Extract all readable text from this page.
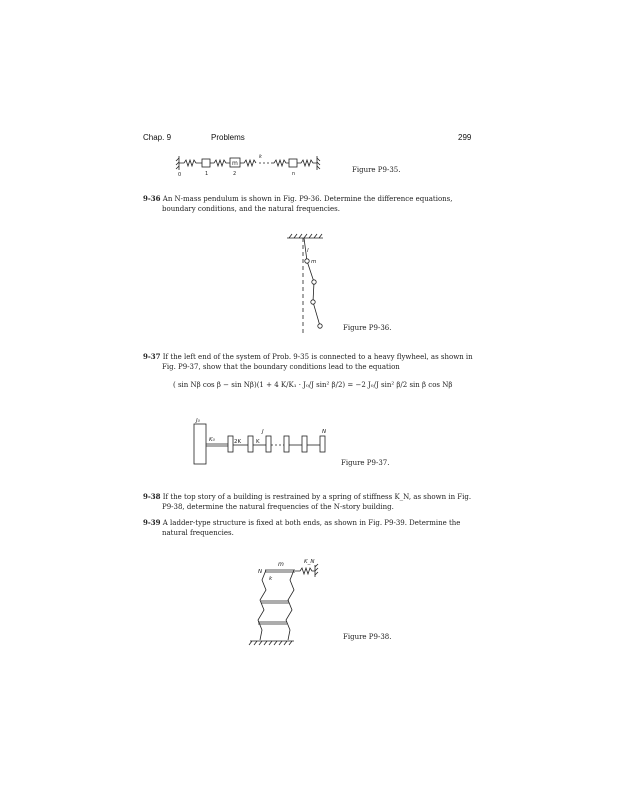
Chap. 9	Problems	299
m
k
0	1	2	n	Figure P9-35.
9-36 An N-mass pendulum is shown in Fig. P9-36. Determine the difference equations,
boundary conditions, and the natural frequencies.
l
m
Figure P9-36.
9-37 If the left end of the system of Prob. 9-35 is connected to a heavy flywheel, as shown in
Fig. P9-37, show that the boundary conditions lead to the equation
( sin Nβ cos β − sin Nβ)(1 + 4 K/K₁ · J₀/J sin² β/2) = −2 J₀/J sin² β/2 sin β cos Nβ
J₀
K₀	2K	K
J	N
Figure P9-37.
9-38 If the top story of a building is restrained by a spring of stiffness K_N, as shown in Fig.
P9-38, determine the natural frequencies of the N-story building.
9-39 A ladder-type structure is fixed at both ends, as shown in Fig. P9-39. Determine the
natural frequencies.
m	K_N
N
k
Figure P9-38.
